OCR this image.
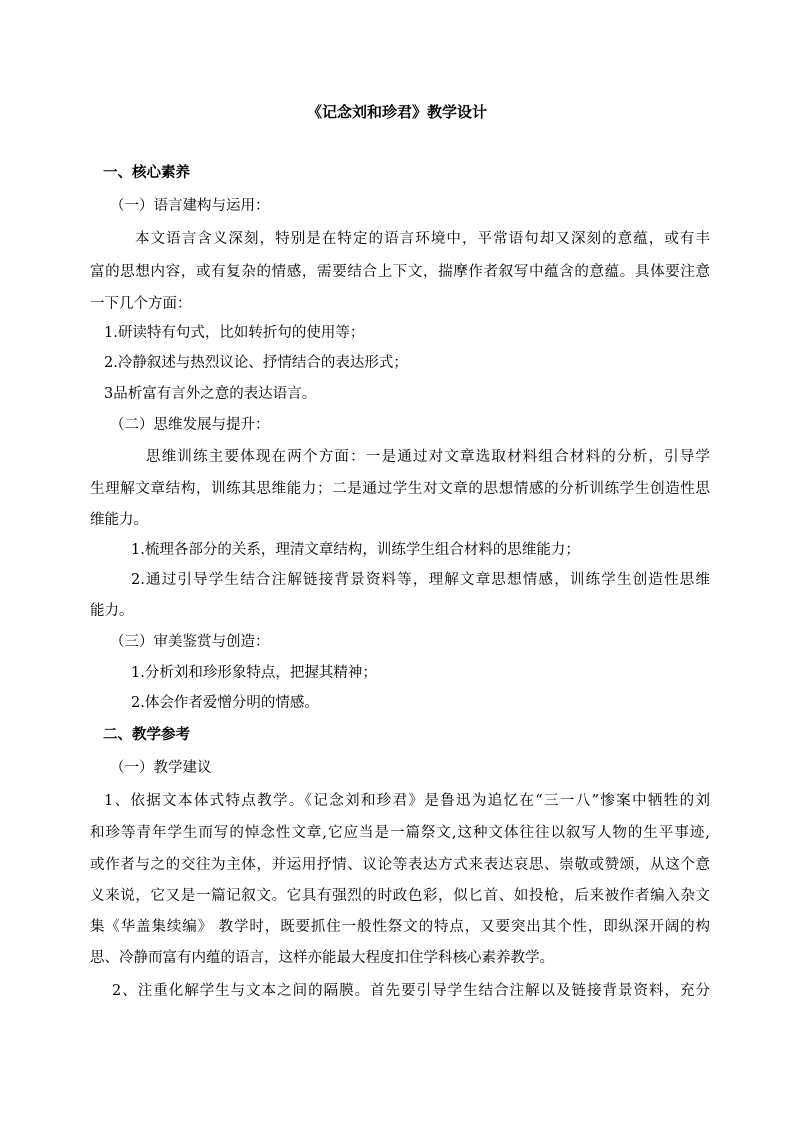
《记念刘和珍君》教学设计
一、核心素养
（一）语言建构与运用：
本文语言含义深刻，特别是在特定的语言环境中，平常语句却又深刻的意蕴，或有丰
富的思想内容，或有复杂的情感，需要结合上下文，揣摩作者叙写中蕴含的意蕴。具体要注意
一下几个方面：
1.研读特有句式，比如转折句的使用等；
2.冷静叙述与热烈议论、抒情结合的表达形式；
3品析富有言外之意的表达语言。
（二）思维发展与提升：
思维训练主要体现在两个方面：一是通过对文章选取材料组合材料的分析，引导学
生理解文章结构，训练其思维能力；二是通过学生对文章的思想情感的分析训练学生创造性思
维能力。
1.梳理各部分的关系，理清文章结构，训练学生组合材料的思维能力；
2.通过引导学生结合注解链接背景资料等，理解文章思想情感，训练学生创造性思维
能力。
（三）审美鉴赏与创造：
1.分析刘和珍形象特点，把握其精神；
2.体会作者爱憎分明的情感。
二、教学参考
（一）教学建议
1、依据文本体式特点教学。《记念刘和珍君》是鲁迅为追忆在“三一八”惨案中牺牲的刘
和珍等青年学生而写的悼念性文章,它应当是一篇祭文,这种文体往往以叙写人物的生平事迹,
或作者与之的交往为主体，并运用抒情、议论等表达方式来表达哀思、崇敬或赞颂，从这个意
义来说，它又是一篇记叙文。它具有强烈的时政色彩，似匕首、如投枪，后来被作者编入杂文
集《华盖集续编》 教学时，既要抓住一般性祭文的特点，又要突出其个性，即纵深开阔的构
思、冷静而富有内蕴的语言，这样亦能最大程度扣住学科核心素养教学。
2、注重化解学生与文本之间的隔膜。首先要引导学生结合注解以及链接背景资料，充分
